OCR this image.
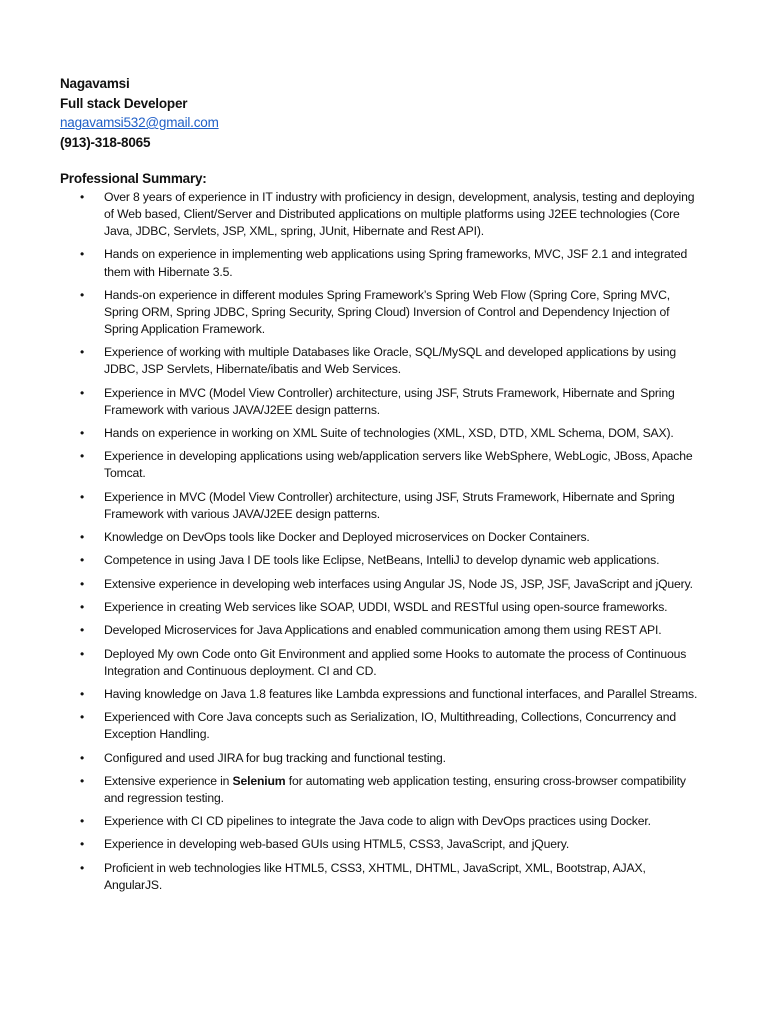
Nagavamsi
Full stack Developer
nagavamsi532@gmail.com
(913)-318-8065
Professional Summary:
• Over 8 years of experience in IT industry with proficiency in design, development, analysis, testing and deploying of Web based, Client/Server and Distributed applications on multiple platforms using J2EE technologies (Core Java, JDBC, Servlets, JSP, XML, spring, JUnit, Hibernate and Rest API).
• Hands on experience in implementing web applications using Spring frameworks, MVC, JSF 2.1 and integrated them with Hibernate 3.5.
• Hands-on experience in different modules Spring Framework’s Spring Web Flow (Spring Core, Spring MVC, Spring ORM, Spring JDBC, Spring Security, Spring Cloud) Inversion of Control and Dependency Injection of Spring Application Framework.
• Experience of working with multiple Databases like Oracle, SQL/MySQL and developed applications by using JDBC, JSP Servlets, Hibernate/ibatis and Web Services.
• Experience in MVC (Model View Controller) architecture, using JSF, Struts Framework, Hibernate and Spring Framework with various JAVA/J2EE design patterns.
• Hands on experience in working on XML Suite of technologies (XML, XSD, DTD, XML Schema, DOM, SAX).
• Experience in developing applications using web/application servers like WebSphere, WebLogic, JBoss, Apache Tomcat.
• Experience in MVC (Model View Controller) architecture, using JSF, Struts Framework, Hibernate and Spring Framework with various JAVA/J2EE design patterns.
• Knowledge on DevOps tools like Docker and Deployed microservices on Docker Containers.
• Competence in using Java I DE tools like Eclipse, NetBeans, IntelliJ to develop dynamic web applications.
• Extensive experience in developing web interfaces using Angular JS, Node JS, JSP, JSF, JavaScript and jQuery.
• Experience in creating Web services like SOAP, UDDI, WSDL and RESTful using open-source frameworks.
• Developed Microservices for Java Applications and enabled communication among them using REST API.
• Deployed My own Code onto Git Environment and applied some Hooks to automate the process of Continuous Integration and Continuous deployment. CI and CD.
• Having knowledge on Java 1.8 features like Lambda expressions and functional interfaces, and Parallel Streams.
• Experienced with Core Java concepts such as Serialization, IO, Multithreading, Collections, Concurrency and Exception Handling.
• Configured and used JIRA for bug tracking and functional testing.
• Extensive experience in Selenium for automating web application testing, ensuring cross-browser compatibility and regression testing.
• Experience with CI CD pipelines to integrate the Java code to align with DevOps practices using Docker.
• Experience in developing web-based GUIs using HTML5, CSS3, JavaScript, and jQuery.
• Proficient in web technologies like HTML5, CSS3, XHTML, DHTML, JavaScript, XML, Bootstrap, AJAX, AngularJS.
